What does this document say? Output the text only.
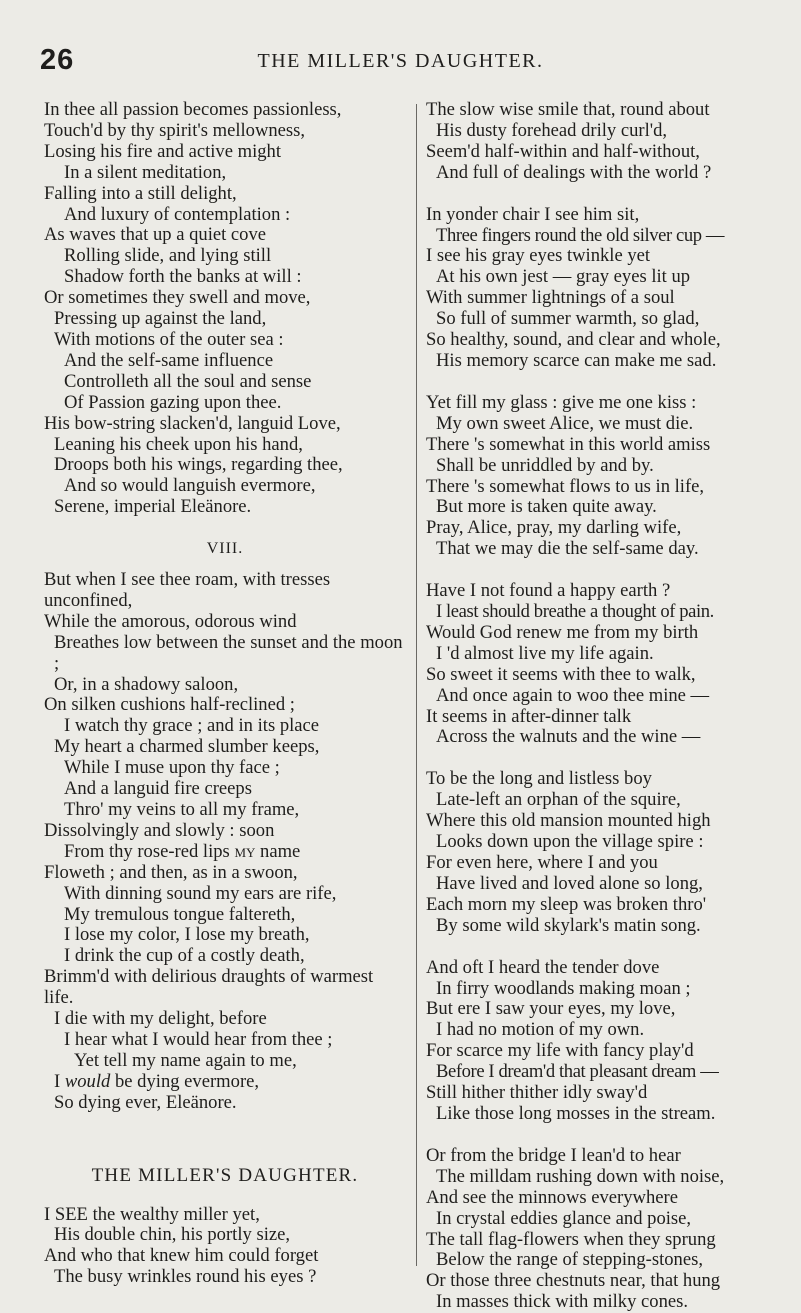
26	THE MILLER'S DAUGHTER.
In thee all passion becomes passionless,
Touch'd by thy spirit's mellowness,
Losing his fire and active might
In a silent meditation,
Falling into a still delight,
And luxury of contemplation :
As waves that up a quiet cove
Rolling slide, and lying still
Shadow forth the banks at will :
Or sometimes they swell and move,
Pressing up against the land,
With motions of the outer sea :
And the self-same influence
Controlleth all the soul and sense
Of Passion gazing upon thee.
His bow-string slacken'd, languid Love,
Leaning his cheek upon his hand,
Droops both his wings, regarding thee,
And so would languish evermore,
Serene, imperial Eleänore.
VIII.
But when I see thee roam, with tresses unconfined,
While the amorous, odorous wind
Breathes low between the sunset and the moon ;
Or, in a shadowy saloon,
On silken cushions half-reclined ;
I watch thy grace ; and in its place
My heart a charmed slumber keeps,
While I muse upon thy face ;
And a languid fire creeps
Thro' my veins to all my frame,
Dissolvingly and slowly : soon
From thy rose-red lips my name
Floweth ; and then, as in a swoon,
With dinning sound my ears are rife,
My tremulous tongue faltereth,
I lose my color, I lose my breath,
I drink the cup of a costly death,
Brimm'd with delirious draughts of warmest life.
I die with my delight, before
I hear what I would hear from thee ;
Yet tell my name again to me,
I would be dying evermore,
So dying ever, Eleänore.
THE MILLER'S DAUGHTER.
I SEE the wealthy miller yet,
His double chin, his portly size,
And who that knew him could forget
The busy wrinkles round his eyes ?
The slow wise smile that, round about
His dusty forehead drily curl'd,
Seem'd half-within and half-without,
And full of dealings with the world ?
In yonder chair I see him sit,
Three fingers round the old silver cup —
I see his gray eyes twinkle yet
At his own jest — gray eyes lit up
With summer lightnings of a soul
So full of summer warmth, so glad,
So healthy, sound, and clear and whole,
His memory scarce can make me sad.
Yet fill my glass : give me one kiss :
My own sweet Alice, we must die.
There 's somewhat in this world amiss
Shall be unriddled by and by.
There 's somewhat flows to us in life,
But more is taken quite away.
Pray, Alice, pray, my darling wife,
That we may die the self-same day.
Have I not found a happy earth ?
I least should breathe a thought of pain.
Would God renew me from my birth
I 'd almost live my life again.
So sweet it seems with thee to walk,
And once again to woo thee mine —
It seems in after-dinner talk
Across the walnuts and the wine —
To be the long and listless boy
Late-left an orphan of the squire,
Where this old mansion mounted high
Looks down upon the village spire :
For even here, where I and you
Have lived and loved alone so long,
Each morn my sleep was broken thro'
By some wild skylark's matin song.
And oft I heard the tender dove
In firry woodlands making moan ;
But ere I saw your eyes, my love,
I had no motion of my own.
For scarce my life with fancy play'd
Before I dream'd that pleasant dream —
Still hither thither idly sway'd
Like those long mosses in the stream.
Or from the bridge I lean'd to hear
The milldam rushing down with noise,
And see the minnows everywhere
In crystal eddies glance and poise,
The tall flag-flowers when they sprung
Below the range of stepping-stones,
Or those three chestnuts near, that hung
In masses thick with milky cones.
